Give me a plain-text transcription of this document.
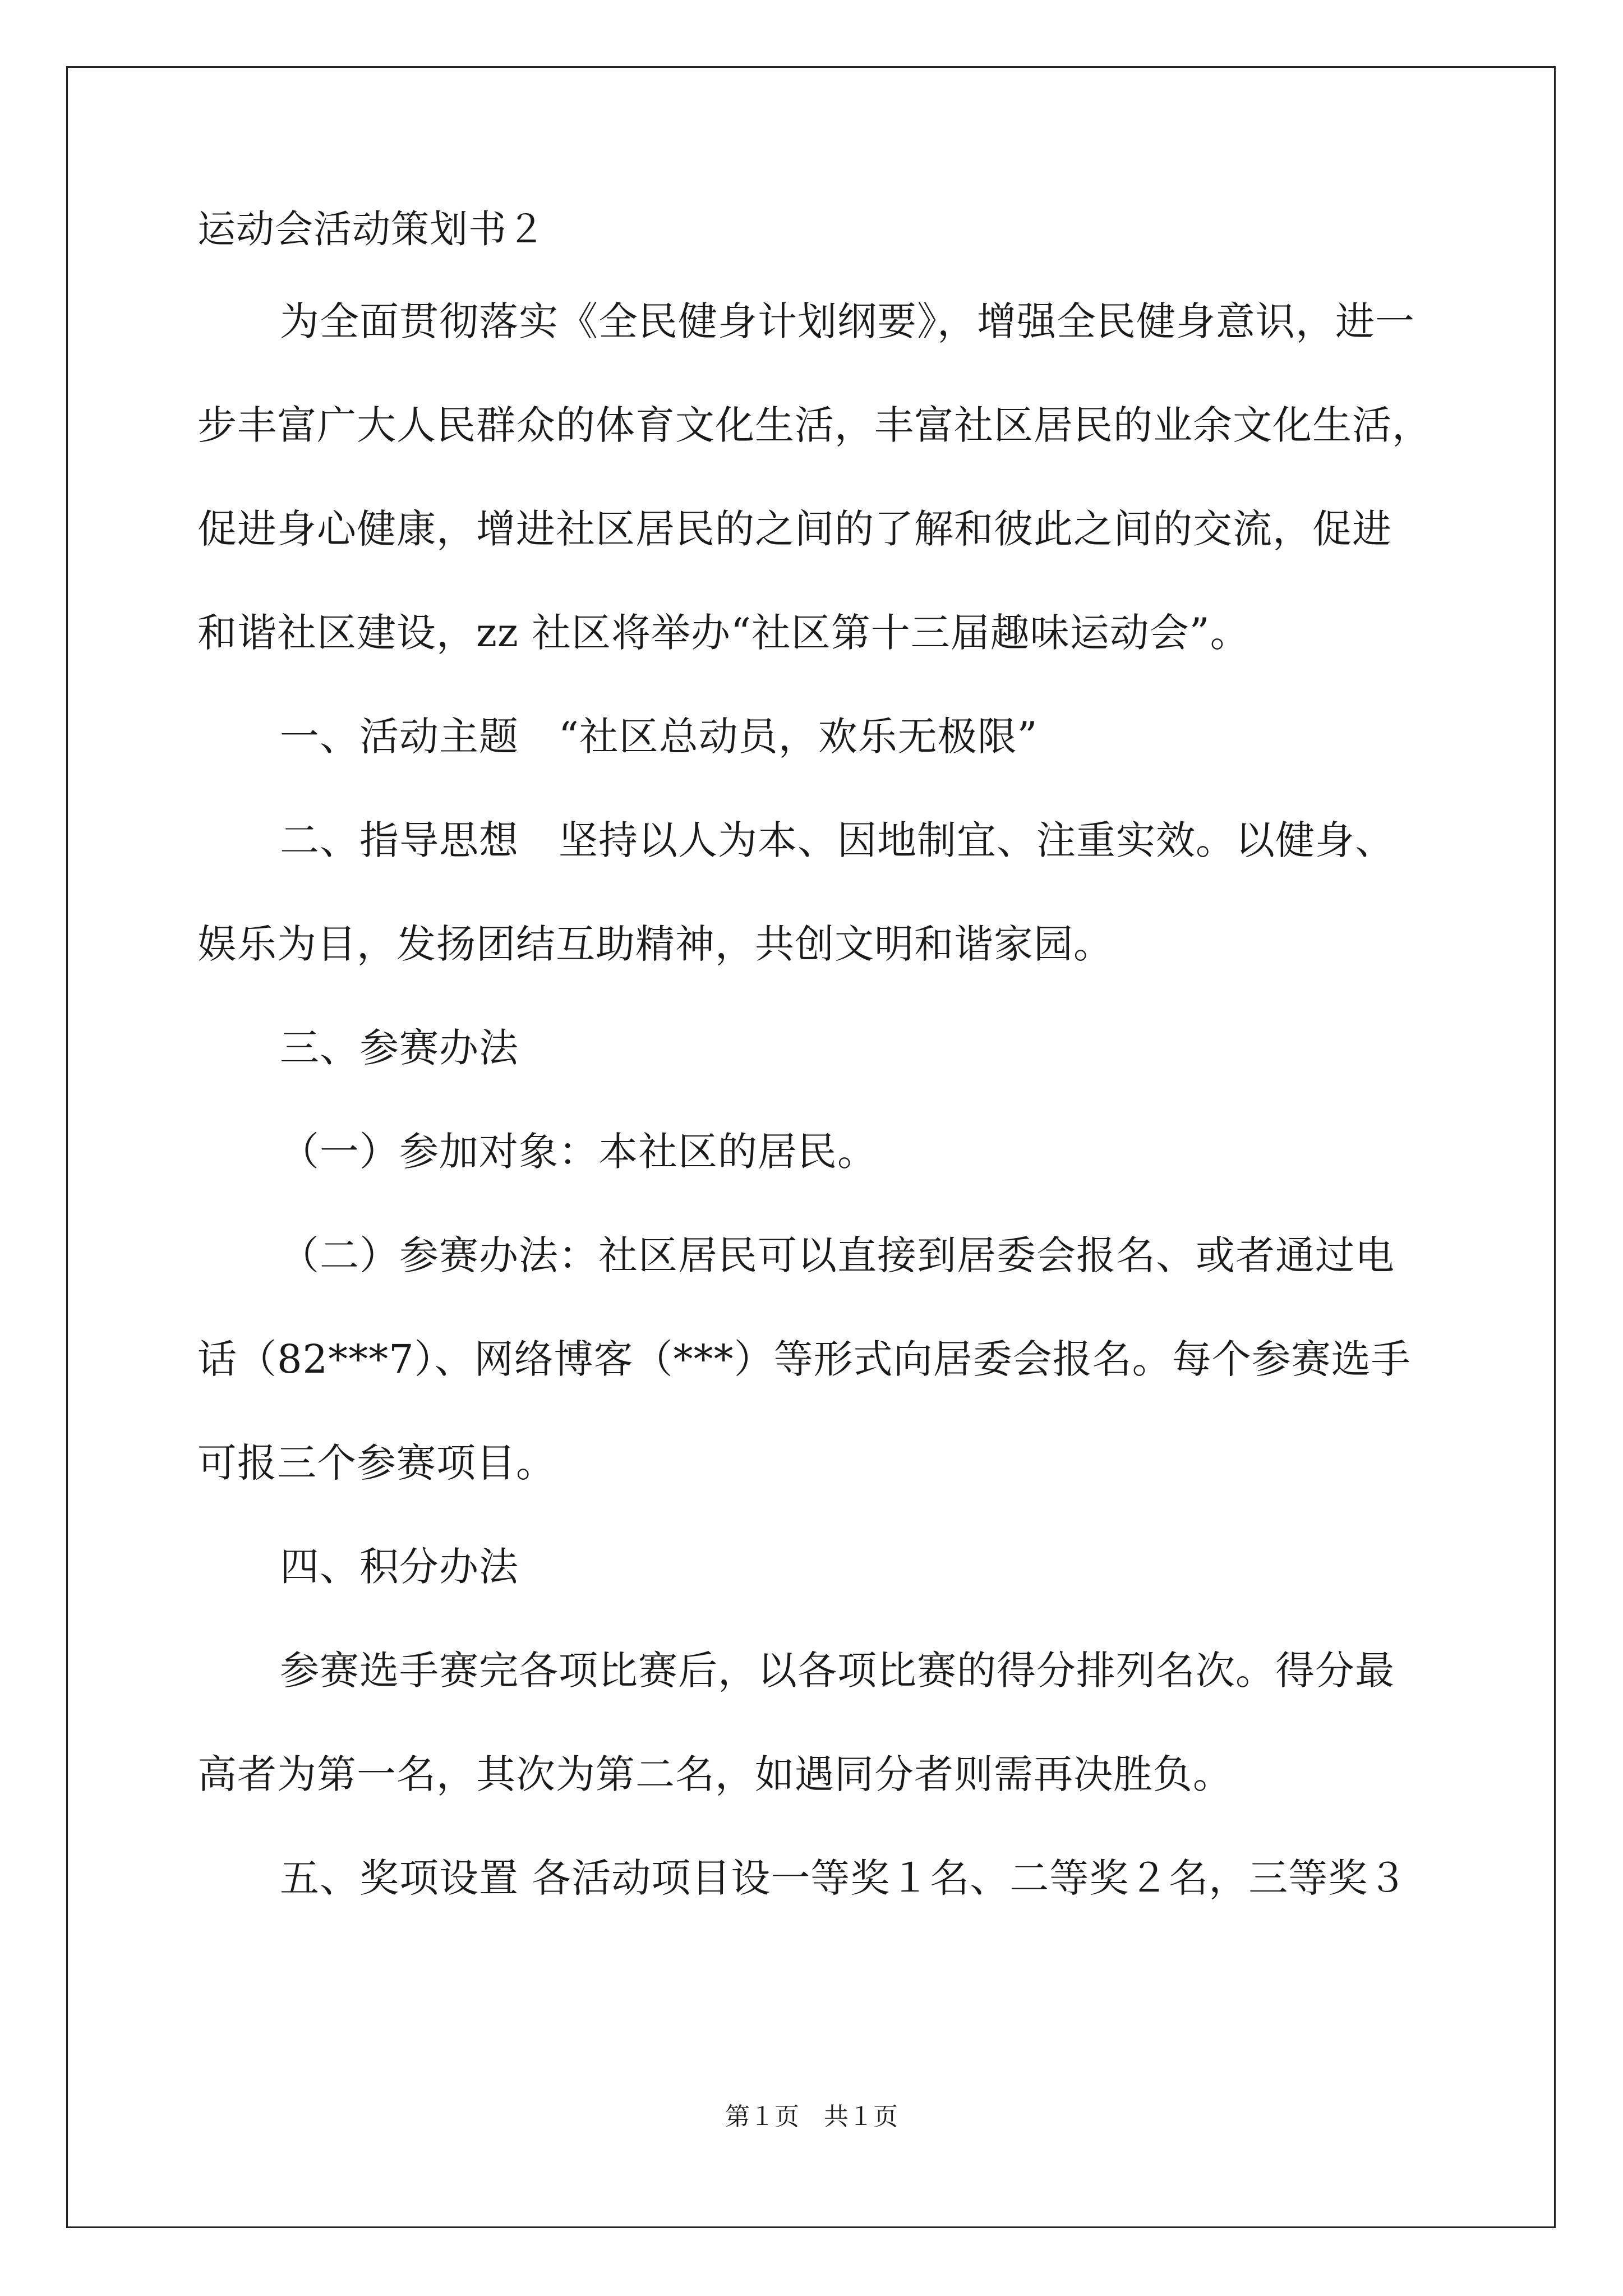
运动会活动策划书２
为全面贯彻落实《全民健身计划纲要》，增强全民健身意识，进一
步丰富广大人民群众的体育文化生活，丰富社区居民的业余文化生活，
促进身心健康，增进社区居民的之间的了解和彼此之间的交流，促进
和谐社区建设，zz 社区将举办“社区第十三届趣味运动会”。
一、活动主题　“社区总动员，欢乐无极限”
二、指导思想　坚持以人为本、因地制宜、注重实效。以健身、
娱乐为目，发扬团结互助精神，共创文明和谐家园。
三、参赛办法
（一）参加对象：本社区的居民。
（二）参赛办法：社区居民可以直接到居委会报名、或者通过电
话（82***7）、网络博客（***）等形式向居委会报名。每个参赛选手
可报三个参赛项目。
四、积分办法
参赛选手赛完各项比赛后，以各项比赛的得分排列名次。得分最
高者为第一名，其次为第二名，如遇同分者则需再决胜负。
五、奖项设置 各活动项目设一等奖１名、二等奖２名，三等奖３
第１页　共１页
